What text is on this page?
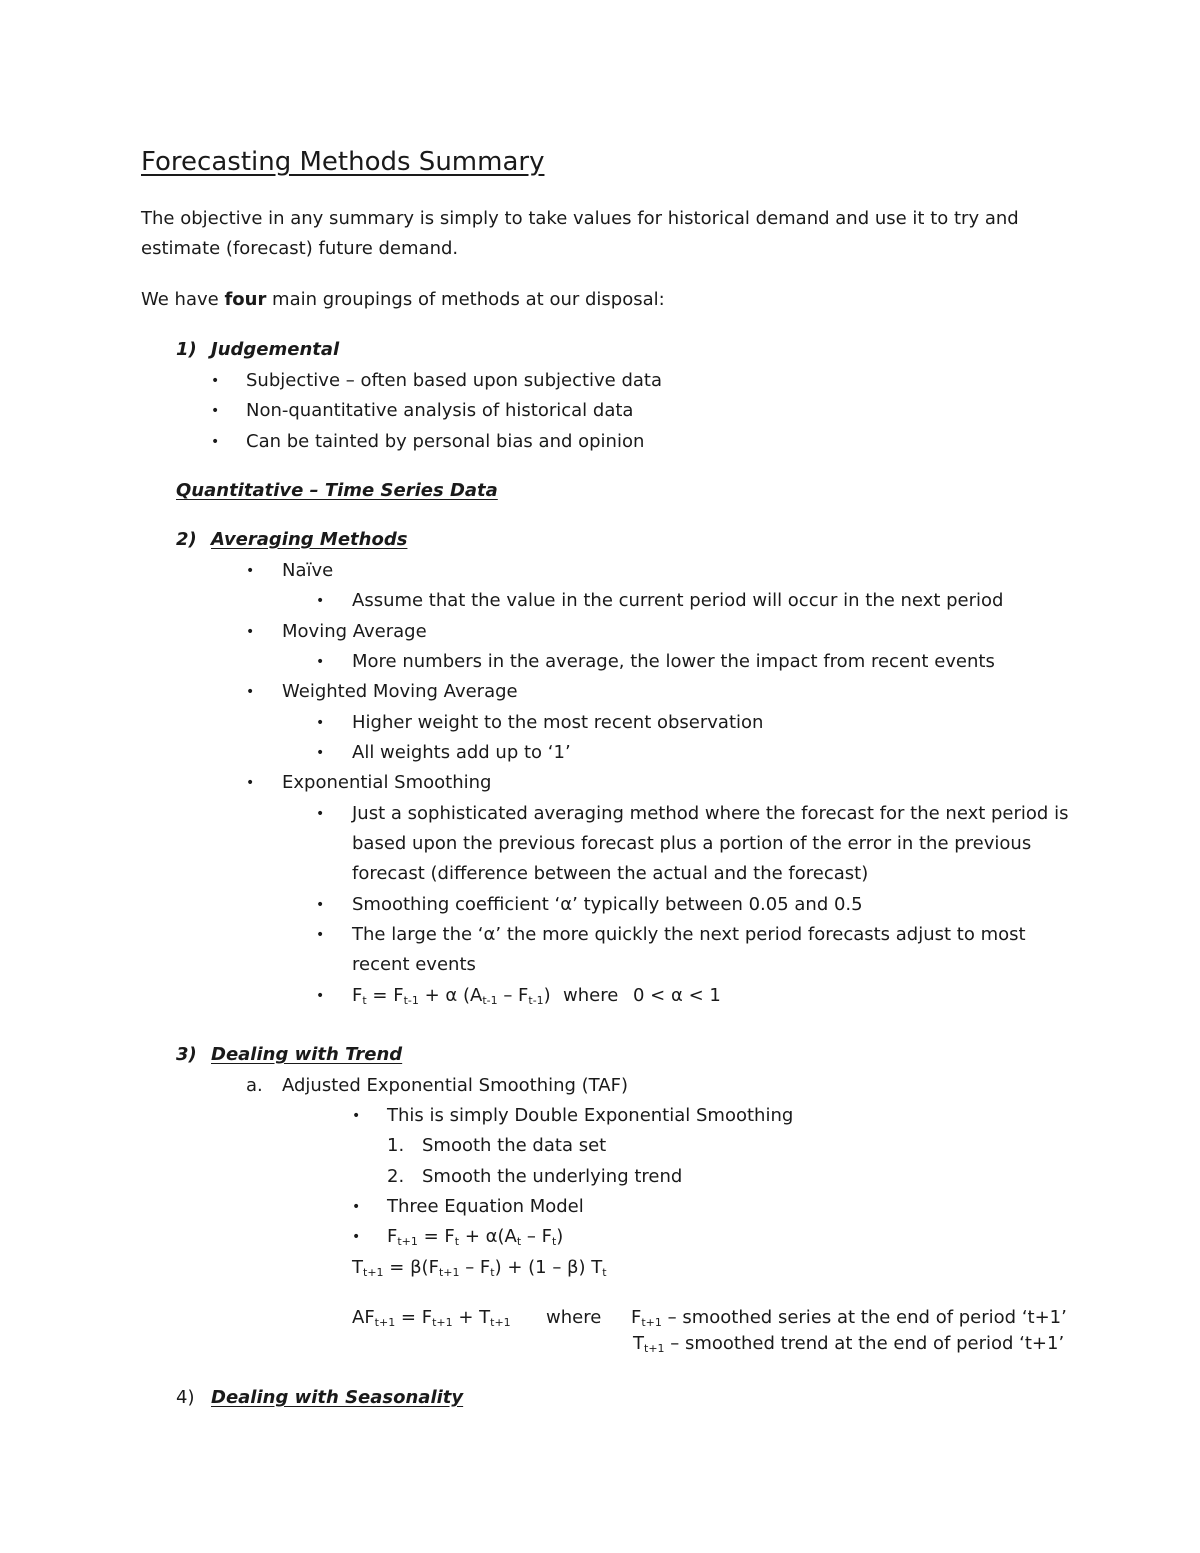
Forecasting Methods Summary
The objective in any summary is simply to take values for historical demand and use it to try and
estimate (forecast) future demand.
We have four main groupings of methods at our disposal:
1) Judgemental
• Subjective – often based upon subjective data
• Non-quantitative analysis of historical data
• Can be tainted by personal bias and opinion
Quantitative – Time Series Data
2) Averaging Methods
• Naïve
• Assume that the value in the current period will occur in the next period
• Moving Average
• More numbers in the average, the lower the impact from recent events
• Weighted Moving Average
• Higher weight to the most recent observation
• All weights add up to ‘1’
• Exponential Smoothing
• Just a sophisticated averaging method where the forecast for the next period is
based upon the previous forecast plus a portion of the error in the previous
forecast (difference between the actual and the forecast)
• Smoothing coefficient ‘α’ typically between 0.05 and 0.5
• The large the ‘α’ the more quickly the next period forecasts adjust to most
recent events
• $F_t = F_{t-1} + \alpha$ $(A_{t-1} - F_{t-1})$ where 0 < α < 1
3) Dealing with Trend
a. Adjusted Exponential Smoothing (TAF)
• This is simply Double Exponential Smoothing
1. Smooth the data set
2. Smooth the underlying trend
• Three Equation Model
• $F_{t+1} = F_t + \alpha(A_t - F_t)$
$T_{t+1} = \beta(F_{t+1} - F_t) + (1 - \beta)$ $T_t$
$AF_{t+1} = F_{t+1} + T_{t+1}$ where $F_{t+1}$ – smoothed series at the end of period ‘t+1’
$T_{t+1}$ – smoothed trend at the end of period ‘t+1’
4) Dealing with Seasonality
